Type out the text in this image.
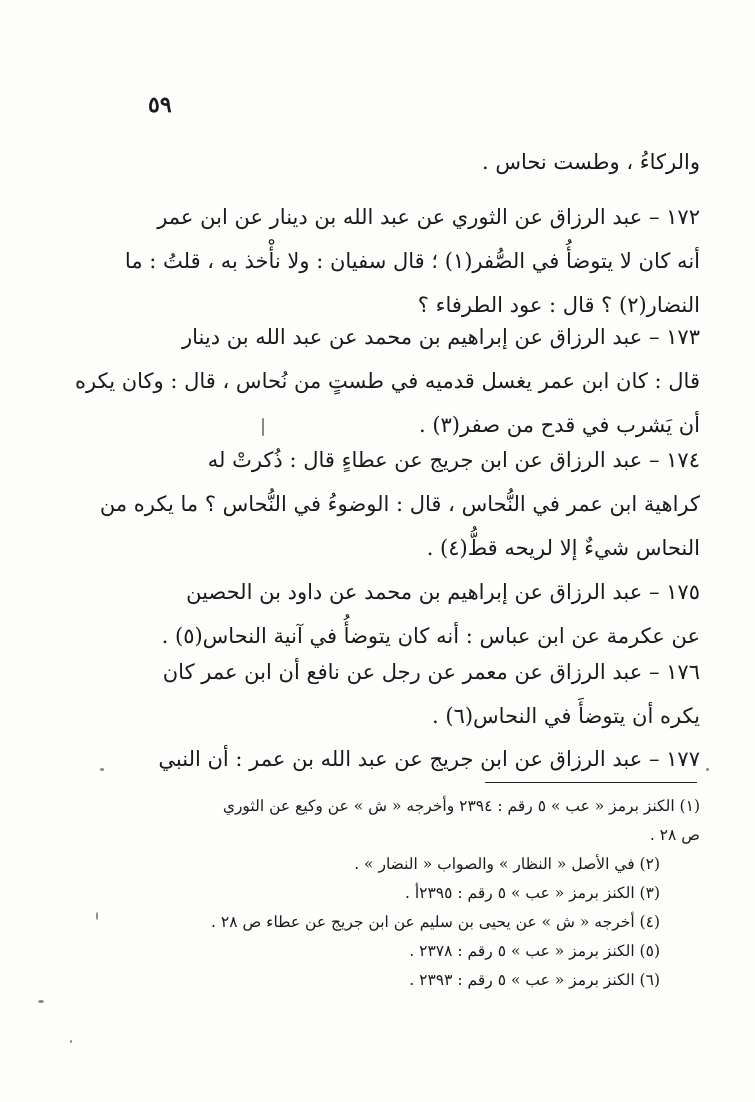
٥٩
والركاءُ ، وطست نحاس .
١٧٢ – عبد الرزاق عن الثوري عن عبد الله بن دينار عن ابن عمر
أنه كان لا يتوضأُ في الصُّفر(١) ؛ قال سفيان : ولا نأْخذ به ، قلتُ : ما
النضار(٢) ؟ قال : عود الطرفاء ؟
١٧٣ – عبد الرزاق عن إبراهيم بن محمد عن عبد الله بن دينار
قال : كان ابن عمر يغسل قدميه في طستٍ من نُحاس ، قال : وكان يكره
أن يَشرب في قدح من صفر(٣) .
١٧٤ – عبد الرزاق عن ابن جريج عن عطاءٍ قال : ذُكرتْ له
كراهية ابن عمر في النُّحاس ، قال : الوضوءُ في النُّحاس ؟ ما يكره من
النحاس شيءٌ إلا لريحه قطُّ(٤) .
١٧٥ – عبد الرزاق عن إبراهيم بن محمد عن داود بن الحصين
عن عكرمة عن ابن عباس : أنه كان يتوضأُ في آنية النحاس(٥) .
١٧٦ – عبد الرزاق عن معمر عن رجل عن نافع أن ابن عمر كان
يكره أن يتوضأَ في النحاس(٦) .
١٧٧ – عبد الرزاق عن ابن جريج عن عبد الله بن عمر : أن النبي
(١) الكنز برمز « عب » ٥ رقم : ٢٣٩٤ وأخرجه « ش » عن وكيع عن الثوري
ص ٢٨ .
(٢) في الأصل « النظار » والصواب « النضار » .
(٣) الكنز برمز « عب » ٥ رقم : ٢٣٩٥أ .
(٤) أخرجه « ش » عن يحيى بن سليم عن ابن جريج عن عطاء ص ٢٨ .
(٥) الكنز برمز « عب » ٥ رقم : ٢٣٧٨ .
(٦) الكنز برمز « عب » ٥ رقم : ٢٣٩٣ .
